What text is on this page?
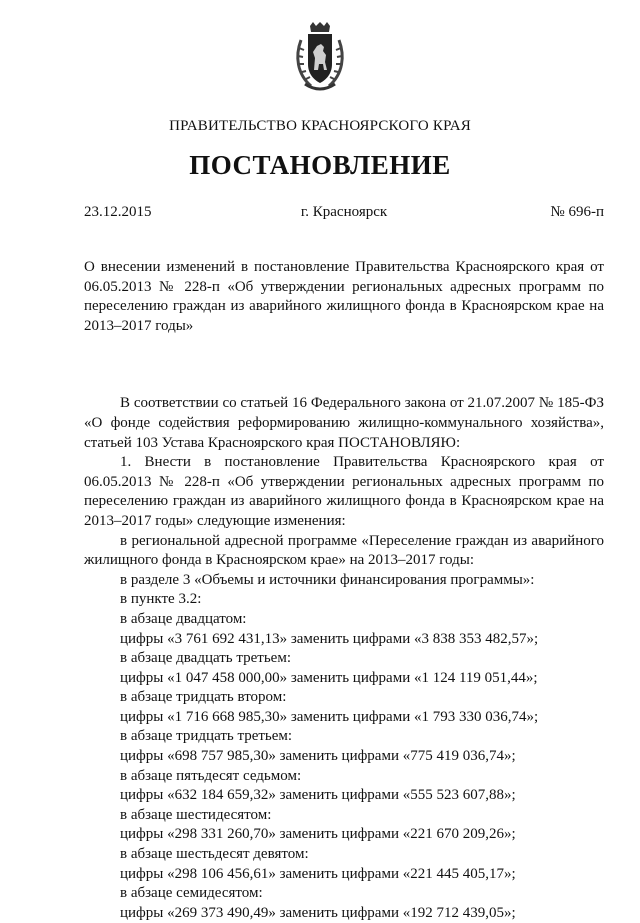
ПРАВИТЕЛЬСТВО КРАСНОЯРСКОГО КРАЯ
ПОСТАНОВЛЕНИЕ
23.12.2015	г. Красноярск	№ 696-п

О внесении изменений в постановление Правительства Красноярского края от 06.05.2013 № 228-п «Об утверждении региональных адресных программ по переселению граждан из аварийного жилищного фонда в Красноярском крае на 2013–2017 годы»

В соответствии со статьей 16 Федерального закона от 21.07.2007 № 185-ФЗ «О фонде содействия реформированию жилищно-коммунального хозяйства», статьей 103 Устава Красноярского края ПОСТАНОВЛЯЮ:

1. Внести в постановление Правительства Красноярского края от 06.05.2013 № 228-п «Об утверждении региональных адресных программ по переселению граждан из аварийного жилищного фонда в Красноярском крае на 2013–2017 годы» следующие изменения:

в региональной адресной программе «Переселение граждан из аварийного жилищного фонда в Красноярском крае» на 2013–2017 годы:

в разделе 3 «Объемы и источники финансирования программы»:

в пункте 3.2:

в абзаце двадцатом:

цифры «3 761 692 431,13» заменить цифрами «3 838 353 482,57»;

в абзаце двадцать третьем:

цифры «1 047 458 000,00» заменить цифрами «1 124 119 051,44»;

в абзаце тридцать втором:

цифры «1 716 668 985,30» заменить цифрами «1 793 330 036,74»;

в абзаце тридцать третьем:

цифры «698 757 985,30» заменить цифрами «775 419 036,74»;

в абзаце пятьдесят седьмом:

цифры «632 184 659,32» заменить цифрами «555 523 607,88»;

в абзаце шестидесятом:

цифры «298 331 260,70» заменить цифрами «221 670 209,26»;

в абзаце шестьдесят девятом:

цифры «298 106 456,61» заменить цифрами «221 445 405,17»;

в абзаце семидесятом:

цифры «269 373 490,49» заменить цифрами «192 712 439,05»;
